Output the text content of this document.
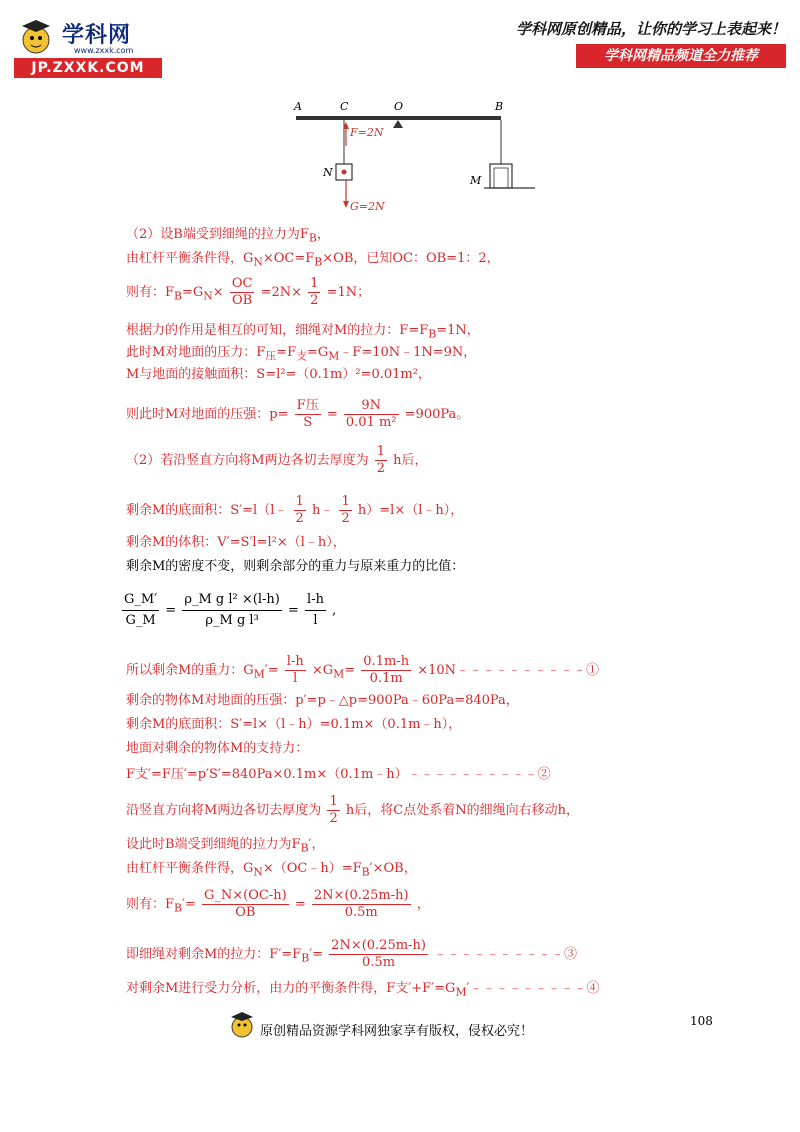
学科网
www.zxxk.com
JP.ZXXK.COM
学科网原创精品，让你的学习上表起来！
学科网精品频道全力推荐
A	C	O	B
F=2N
N
G=2N
M
（2）设B端受到细绳的拉力为$F_B$，
由杠杆平衡条件得，$G_N\times OC=F_B\times OB$，已知OC：OB=1：2，
则有：$F_B=G_N\times \frac{OC}{OB} =2N\times \frac{1}{2} =1N$；
根据力的作用是相互的可知，细绳对M的拉力：$F=F_B=1N$，
此时M对地面的压力：$F_压=F_支=G_M﹣F=10N﹣1N=9N$，
M与地面的接触面积：S=l²=（0.1m）²=0.01m²，
则此时M对地面的压强：$p= \frac{\text{F压}}{S} = \frac{9N}{\text{0.01 m²}} =900Pa$。
（2）若沿竖直方向将M两边各切去厚度为 $\frac{1}{2}$ h后，
剩余M的底面积：S′=l（l﹣ $\frac{1}{2}$ h﹣ $\frac{1}{2}$ h）=l×（l﹣h），
剩余M的体积：V′=S′l=l²×（l﹣h），
剩余M的密度不变，则剩余部分的重力与原来重力的比值：
$\frac{G\_M'}{G\_M} = \frac{\text{ρ\_M g l² ×(l-h)}}{\text{ρ\_M g l³}} = \frac{l-h}{l}$ ,
所以剩余M的重力：$G_M'= \frac{l-h}{l} \times G_M= \frac{0.1m-h}{0.1m}$ ×10N﹣﹣﹣﹣﹣﹣﹣﹣﹣﹣①
剩余的物体M对地面的压强：p′=p﹣△p=900Pa﹣60Pa=840Pa，
剩余M的底面积：S′=l×（l﹣h）=0.1m×（0.1m﹣h），
地面对剩余的物体M的支持力：
F支′=F压′=p′S′=840Pa×0.1m×（0.1m﹣h）﹣﹣﹣﹣﹣﹣﹣﹣﹣﹣②
沿竖直方向将M两边各切去厚度为 $\frac{1}{2}$ h后，将C点处系着N的细绳向右移动h，
设此时B端受到细绳的拉力为$F_B'$，
由杠杆平衡条件得，$G_N\times(OC﹣h)=F_B'\times OB$，
则有：$F_B'= \frac{G\_N\times(OC-h)}{OB} = \frac{2N\times(0.25m-h)}{0.5m}$ ，
即细绳对剩余M的拉力：$F'=F_B'= \frac{2N\times(0.25m-h)}{0.5m}$ ﹣﹣﹣﹣﹣﹣﹣﹣﹣﹣③
对剩余M进行受力分析，由力的平衡条件得，F支$'+F'=G_M'﹣﹣﹣﹣﹣﹣﹣﹣﹣④$
108
原创精品资源学科网独家享有版权，侵权必究！
